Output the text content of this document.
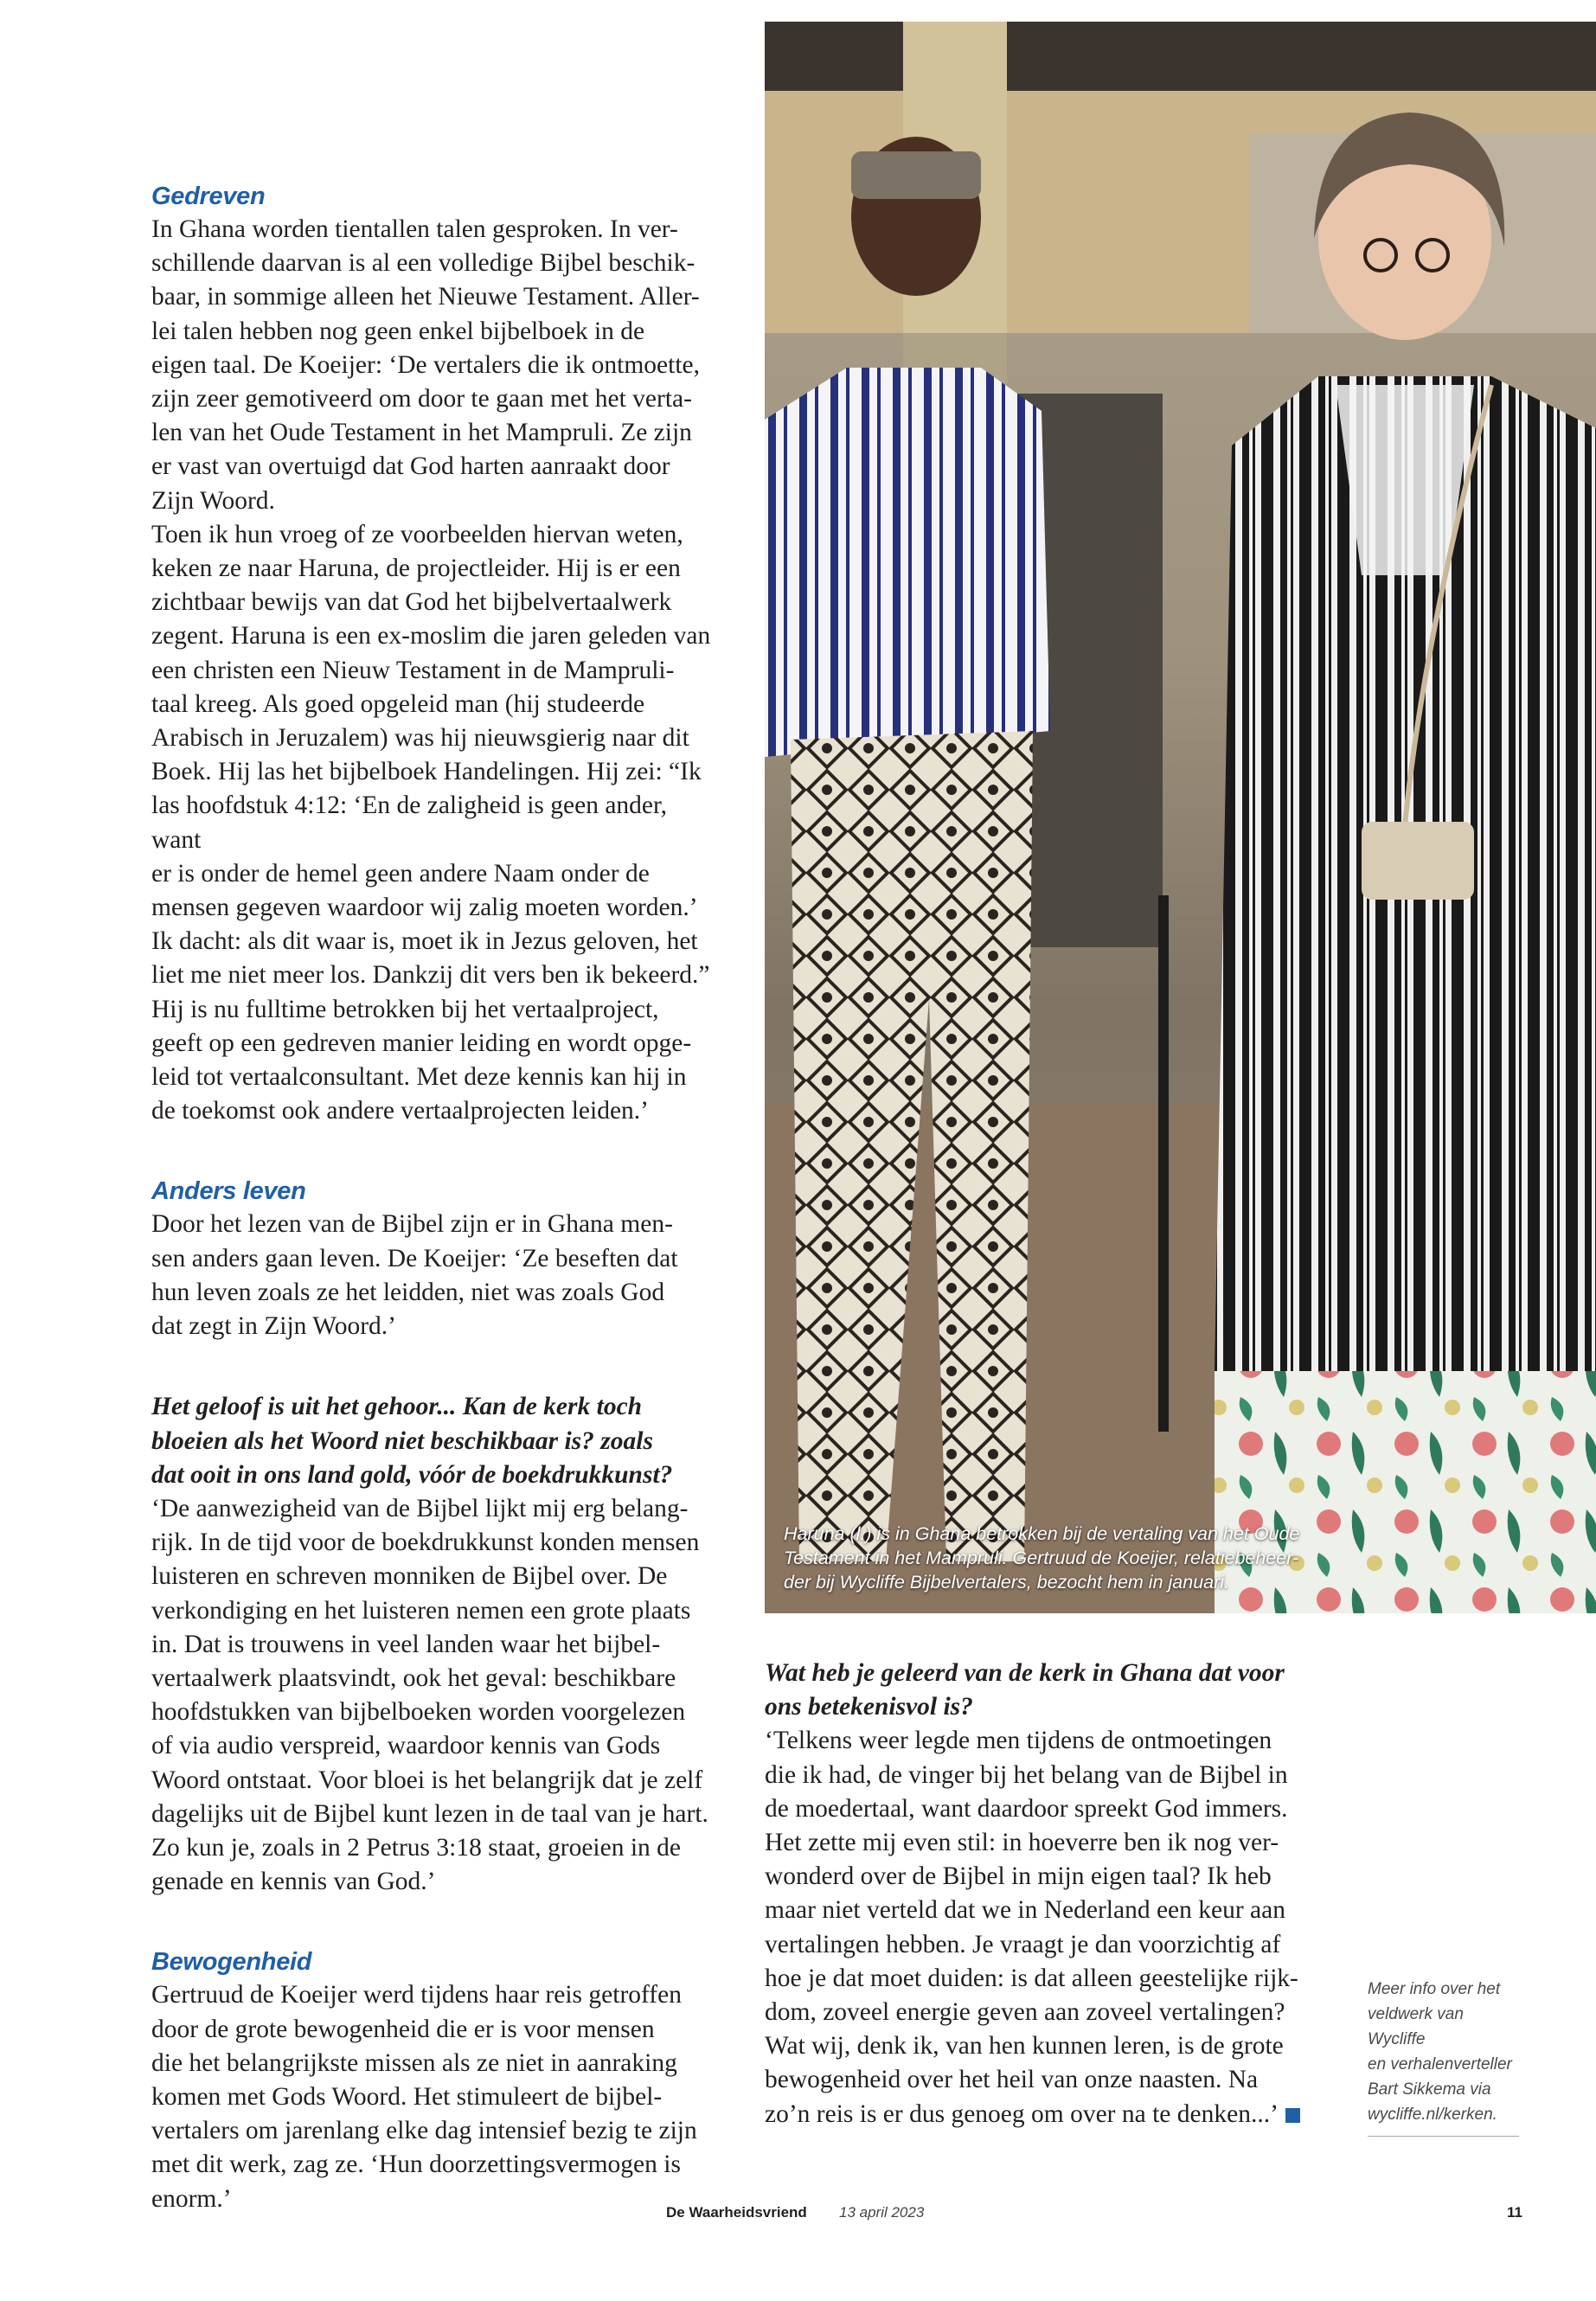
Gedreven

In Ghana worden tientallen talen gesproken. In ver-
schillende daarvan is al een volledige Bijbel beschik-
baar, in sommige alleen het Nieuwe Testament. Aller-
lei talen hebben nog geen enkel bijbelboek in de
eigen taal. De Koeijer: ‘De vertalers die ik ontmoette,
zijn zeer gemotiveerd om door te gaan met het verta-
len van het Oude Testament in het Mampruli. Ze zijn
er vast van overtuigd dat God harten aanraakt door
Zijn Woord.
Toen ik hun vroeg of ze voorbeelden hiervan weten,
keken ze naar Haruna, de projectleider. Hij is er een
zichtbaar bewijs van dat God het bijbelvertaalwerk
zegent. Haruna is een ex-moslim die jaren geleden van
een christen een Nieuw Testament in de Mampruli-
taal kreeg. Als goed opgeleid man (hij studeerde
Arabisch in Jeruzalem) was hij nieuwsgierig naar dit
Boek. Hij las het bijbelboek Handelingen. Hij zei: “Ik
las hoofdstuk 4:12: ‘En de zaligheid is geen ander, want
er is onder de hemel geen andere Naam onder de
mensen gegeven waardoor wij zalig moeten worden.’
Ik dacht: als dit waar is, moet ik in Jezus geloven, het
liet me niet meer los. Dankzij dit vers ben ik bekeerd.”
Hij is nu fulltime betrokken bij het vertaalproject,
geeft op een gedreven manier leiding en wordt opge-
leid tot vertaalconsultant. Met deze kennis kan hij in
de toekomst ook andere vertaalprojecten leiden.’

Anders leven

Door het lezen van de Bijbel zijn er in Ghana men-
sen anders gaan leven. De Koeijer: ‘Ze beseften dat
hun leven zoals ze het leidden, niet was zoals God
dat zegt in Zijn Woord.’

Het geloof is uit het gehoor... Kan de kerk toch
bloeien als het Woord niet beschikbaar is? zoals
dat ooit in ons land gold, vóór de boekdrukkunst?

‘De aanwezigheid van de Bijbel lijkt mij erg belang-
rijk. In de tijd voor de boekdrukkunst konden mensen
luisteren en schreven monniken de Bijbel over. De
verkondiging en het luisteren nemen een grote plaats
in. Dat is trouwens in veel landen waar het bijbel-
vertaalwerk plaatsvindt, ook het geval: beschikbare
hoofdstukken van bijbelboeken worden voorgelezen
of via audio verspreid, waardoor kennis van Gods
Woord ontstaat. Voor bloei is het belangrijk dat je zelf
dagelijks uit de Bijbel kunt lezen in de taal van je hart.
Zo kun je, zoals in 2 Petrus 3:18 staat, groeien in de
genade en kennis van God.’

Bewogenheid

Gertruud de Koeijer werd tijdens haar reis getroffen
door de grote bewogenheid die er is voor mensen
die het belangrijkste missen als ze niet in aanraking
komen met Gods Woord. Het stimuleert de bijbel-
vertalers om jarenlang elke dag intensief bezig te zijn
met dit werk, zag ze. ‘Hun doorzettingsvermogen is
enorm.’

Haruna (l.) is in Ghana betrokken bij de vertaling van het Oude
Testament in het Mampruli. Gertruud de Koeijer, relatiebeheer-
der bij Wycliffe Bijbelvertalers, bezocht hem in januari.

Wat heb je geleerd van de kerk in Ghana dat voor
ons betekenisvol is?

‘Telkens weer legde men tijdens de ontmoetingen
die ik had, de vinger bij het belang van de Bijbel in
de moedertaal, want daardoor spreekt God immers.
Het zette mij even stil: in hoeverre ben ik nog ver-
wonderd over de Bijbel in mijn eigen taal? Ik heb
maar niet verteld dat we in Nederland een keur aan
vertalingen hebben. Je vraagt je dan voorzichtig af
hoe je dat moet duiden: is dat alleen geestelijke rijk-
dom, zoveel energie geven aan zoveel vertalingen?
Wat wij, denk ik, van hen kunnen leren, is de grote
bewogenheid over het heil van onze naasten. Na
zo’n reis is er dus genoeg om over na te denken...’

Meer info over het
veldwerk van Wycliffe
en verhalenverteller
Bart Sikkema via
wycliffe.nl/kerken.
De Waarheidsvriend 13 april 2023	11
